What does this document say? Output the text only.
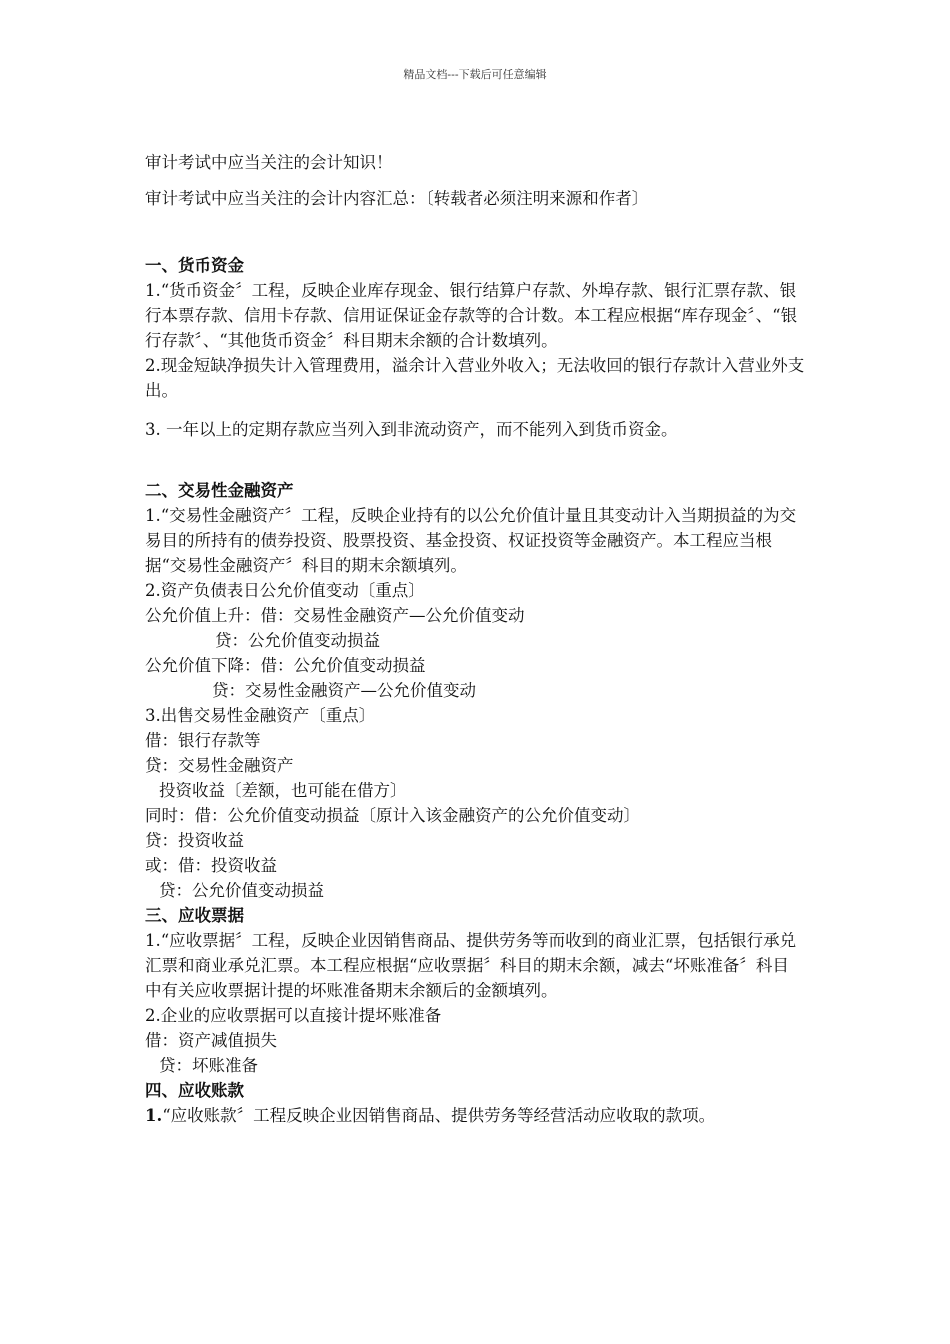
精品文档---下载后可任意编辑

审计考试中应当关注的会计知识！

审计考试中应当关注的会计内容汇总：〔转载者必须注明来源和作者〕

一、货币资金

1.“货币资金〞工程，反映企业库存现金、银行结算户存款、外埠存款、银行汇票存款、银行本票存款、信用卡存款、信用证保证金存款等的合计数。本工程应根据“库存现金〞、“银行存款〞、“其他货币资金〞科目期末余额的合计数填列。

2.现金短缺净损失计入管理费用，溢余计入营业外收入；无法收回的银行存款计入营业外支出。

3. 一年以上的定期存款应当列入到非流动资产，而不能列入到货币资金。

二、交易性金融资产

1.“交易性金融资产〞工程，反映企业持有的以公允价值计量且其变动计入当期损益的为交易目的所持有的债券投资、股票投资、基金投资、权证投资等金融资产。本工程应当根据“交易性金融资产〞科目的期末余额填列。

2.资产负债表日公允价值变动〔重点〕

公允价值上升：借：交易性金融资产—公允价值变动

贷：公允价值变动损益

公允价值下降：借：公允价值变动损益

贷：交易性金融资产—公允价值变动

3.出售交易性金融资产〔重点〕

借：银行存款等

贷：交易性金融资产

投资收益〔差额，也可能在借方〕

同时：借：公允价值变动损益〔原计入该金融资产的公允价值变动〕

贷：投资收益

或：借：投资收益

贷：公允价值变动损益

三、应收票据

1.“应收票据〞工程，反映企业因销售商品、提供劳务等而收到的商业汇票，包括银行承兑汇票和商业承兑汇票。本工程应根据“应收票据〞科目的期末余额，减去“坏账准备〞科目中有关应收票据计提的坏账准备期末余额后的金额填列。

2.企业的应收票据可以直接计提坏账准备

借：资产减值损失

贷：坏账准备

四、应收账款

1.“应收账款〞工程反映企业因销售商品、提供劳务等经营活动应收取的款项。
